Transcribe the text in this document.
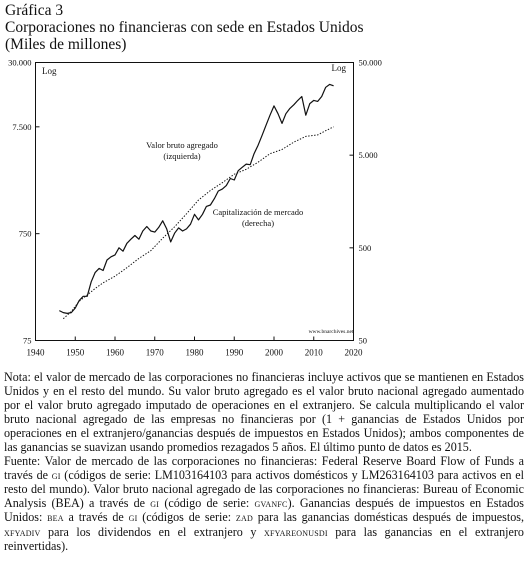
Gráfica 3
Corporaciones no financieras con sede en Estados Unidos
(Miles de millones)
1940 1950 1960 1970 1980 1990 2000 2010 2020
75
750
7.500
30.000
50
500
5.000
50.000
Log	Log
Valor bruto agregado
(izquierda)
Capitalización de mercado
(derecha)
www.bnarchives.net

Nota: el valor de mercado de las corporaciones no financieras incluye activos que se mantienen en Estados Unidos y en el resto del mundo. Su valor bruto agregado es el valor bruto nacional agregado aumentado por el valor bruto agregado imputado de operaciones en el extranjero. Se calcula multiplicando el valor bruto nacional agregado de las empresas no financieras por (1 + ganancias de Estados Unidos por operaciones en el extranjero/ganancias después de impuestos en Estados Unidos); ambos componentes de las ganancias se suavizan usando promedios rezagados 5 años. El último punto de datos es 2015.

Fuente: Valor de mercado de las corporaciones no financieras: Federal Reserve Board Flow of Funds a través de gi (códigos de serie: LM103164103 para activos domésticos y LM263164103 para activos en el resto del mundo). Valor bruto nacional agregado de las corporaciones no financieras: Bureau of Economic Analysis (BEA) a través de gi (código de serie: gvanfc). Ganancias después de impuestos en Estados Unidos: bea a través de gi (códigos de serie: zad para las ganancias domésticas después de impuestos, xfyadiv para los dividendos en el extranjero y xfyareonusdi para las ganancias en el extranjero reinvertidas).
